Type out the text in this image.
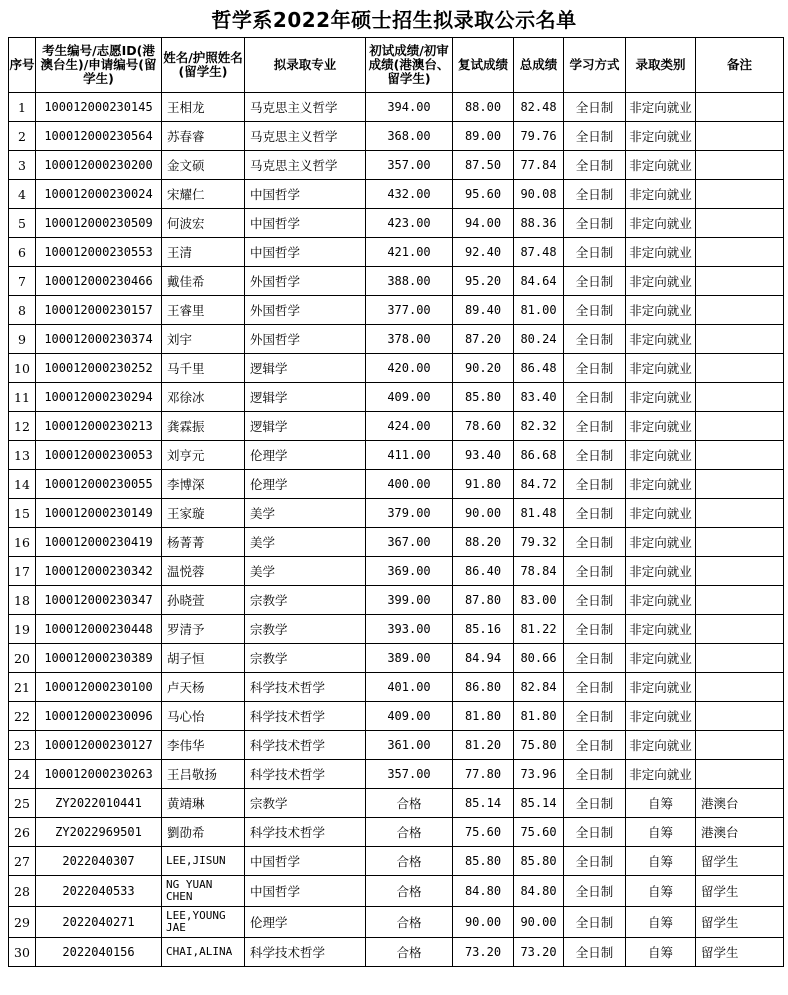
哲学系2022年硕士招生拟录取公示名单
序号	考生编号/志愿ID(港澳台生)/申请编号(留学生)	姓名/护照姓名(留学生)	拟录取专业	初试成绩/初审成绩(港澳台、留学生)	复试成绩	总成绩	学习方式	录取类别	备注
1	100012000230145	王相龙	马克思主义哲学	394.00	88.00	82.48	全日制	非定向就业	
2	100012000230564	苏春睿	马克思主义哲学	368.00	89.00	79.76	全日制	非定向就业	
3	100012000230200	金文硕	马克思主义哲学	357.00	87.50	77.84	全日制	非定向就业	
4	100012000230024	宋耀仁	中国哲学	432.00	95.60	90.08	全日制	非定向就业	
5	100012000230509	何波宏	中国哲学	423.00	94.00	88.36	全日制	非定向就业	
6	100012000230553	王清	中国哲学	421.00	92.40	87.48	全日制	非定向就业	
7	100012000230466	戴佳希	外国哲学	388.00	95.20	84.64	全日制	非定向就业	
8	100012000230157	王睿里	外国哲学	377.00	89.40	81.00	全日制	非定向就业	
9	100012000230374	刘宇	外国哲学	378.00	87.20	80.24	全日制	非定向就业	
10	100012000230252	马千里	逻辑学	420.00	90.20	86.48	全日制	非定向就业	
11	100012000230294	邓徐冰	逻辑学	409.00	85.80	83.40	全日制	非定向就业	
12	100012000230213	龚霖振	逻辑学	424.00	78.60	82.32	全日制	非定向就业	
13	100012000230053	刘亨元	伦理学	411.00	93.40	86.68	全日制	非定向就业	
14	100012000230055	李博深	伦理学	400.00	91.80	84.72	全日制	非定向就业	
15	100012000230149	王家璇	美学	379.00	90.00	81.48	全日制	非定向就业	
16	100012000230419	杨菁菁	美学	367.00	88.20	79.32	全日制	非定向就业	
17	100012000230342	温悦蓉	美学	369.00	86.40	78.84	全日制	非定向就业	
18	100012000230347	孙晓萱	宗教学	399.00	87.80	83.00	全日制	非定向就业	
19	100012000230448	罗清予	宗教学	393.00	85.16	81.22	全日制	非定向就业	
20	100012000230389	胡子恒	宗教学	389.00	84.94	80.66	全日制	非定向就业	
21	100012000230100	卢天杨	科学技术哲学	401.00	86.80	82.84	全日制	非定向就业	
22	100012000230096	马心怡	科学技术哲学	409.00	81.80	81.80	全日制	非定向就业	
23	100012000230127	李伟华	科学技术哲学	361.00	81.20	75.80	全日制	非定向就业	
24	100012000230263	王吕敬扬	科学技术哲学	357.00	77.80	73.96	全日制	非定向就业	
25	ZY2022010441	黄靖琳	宗教学	合格	85.14	85.14	全日制	自筹	港澳台
26	ZY2022969501	劉劭希	科学技术哲学	合格	75.60	75.60	全日制	自筹	港澳台
27	2022040307	LEE,JISUN	中国哲学	合格	85.80	85.80	全日制	自筹	留学生
28	2022040533	NG YUAN CHEN	中国哲学	合格	84.80	84.80	全日制	自筹	留学生
29	2022040271	LEE,YOUNG JAE	伦理学	合格	90.00	90.00	全日制	自筹	留学生
30	2022040156	CHAI,ALINA	科学技术哲学	合格	73.20	73.20	全日制	自筹	留学生
